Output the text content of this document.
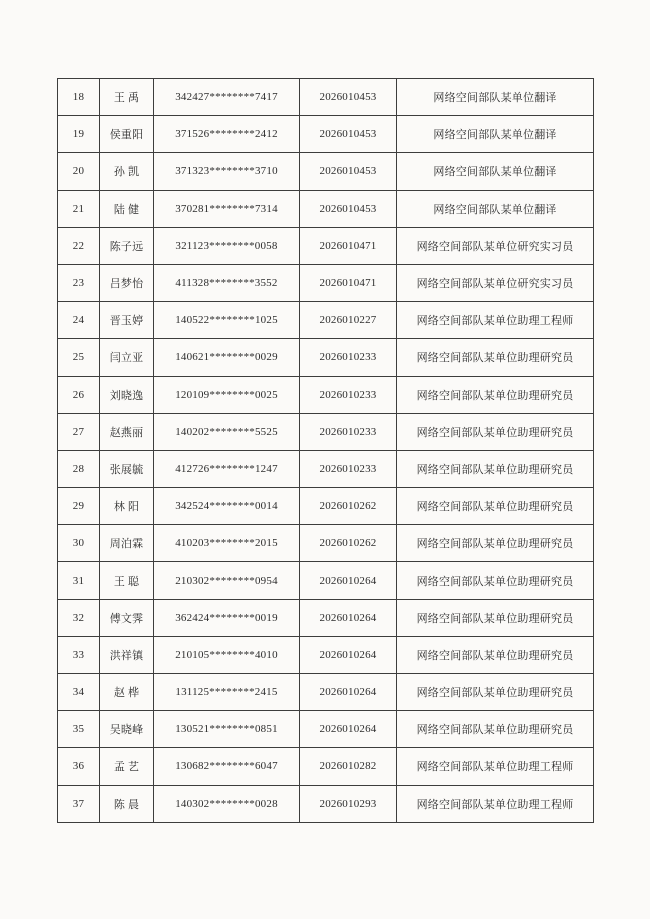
18	王 禹	342427********7417	2026010453	网络空间部队某单位翻译
19	侯重阳	371526********2412	2026010453	网络空间部队某单位翻译
20	孙 凯	371323********3710	2026010453	网络空间部队某单位翻译
21	陆 健	370281********7314	2026010453	网络空间部队某单位翻译
22	陈子远	321123********0058	2026010471	网络空间部队某单位研究实习员
23	吕梦怡	411328********3552	2026010471	网络空间部队某单位研究实习员
24	晋玉婷	140522********1025	2026010227	网络空间部队某单位助理工程师
25	闫立亚	140621********0029	2026010233	网络空间部队某单位助理研究员
26	刘晓逸	120109********0025	2026010233	网络空间部队某单位助理研究员
27	赵燕丽	140202********5525	2026010233	网络空间部队某单位助理研究员
28	张展毓	412726********1247	2026010233	网络空间部队某单位助理研究员
29	林 阳	342524********0014	2026010262	网络空间部队某单位助理研究员
30	周泊霖	410203********2015	2026010262	网络空间部队某单位助理研究员
31	王 聪	210302********0954	2026010264	网络空间部队某单位助理研究员
32	傅文霁	362424********0019	2026010264	网络空间部队某单位助理研究员
33	洪祥镇	210105********4010	2026010264	网络空间部队某单位助理研究员
34	赵 桦	131125********2415	2026010264	网络空间部队某单位助理研究员
35	吴晓峰	130521********0851	2026010264	网络空间部队某单位助理研究员
36	孟 艺	130682********6047	2026010282	网络空间部队某单位助理工程师
37	陈 晨	140302********0028	2026010293	网络空间部队某单位助理工程师
